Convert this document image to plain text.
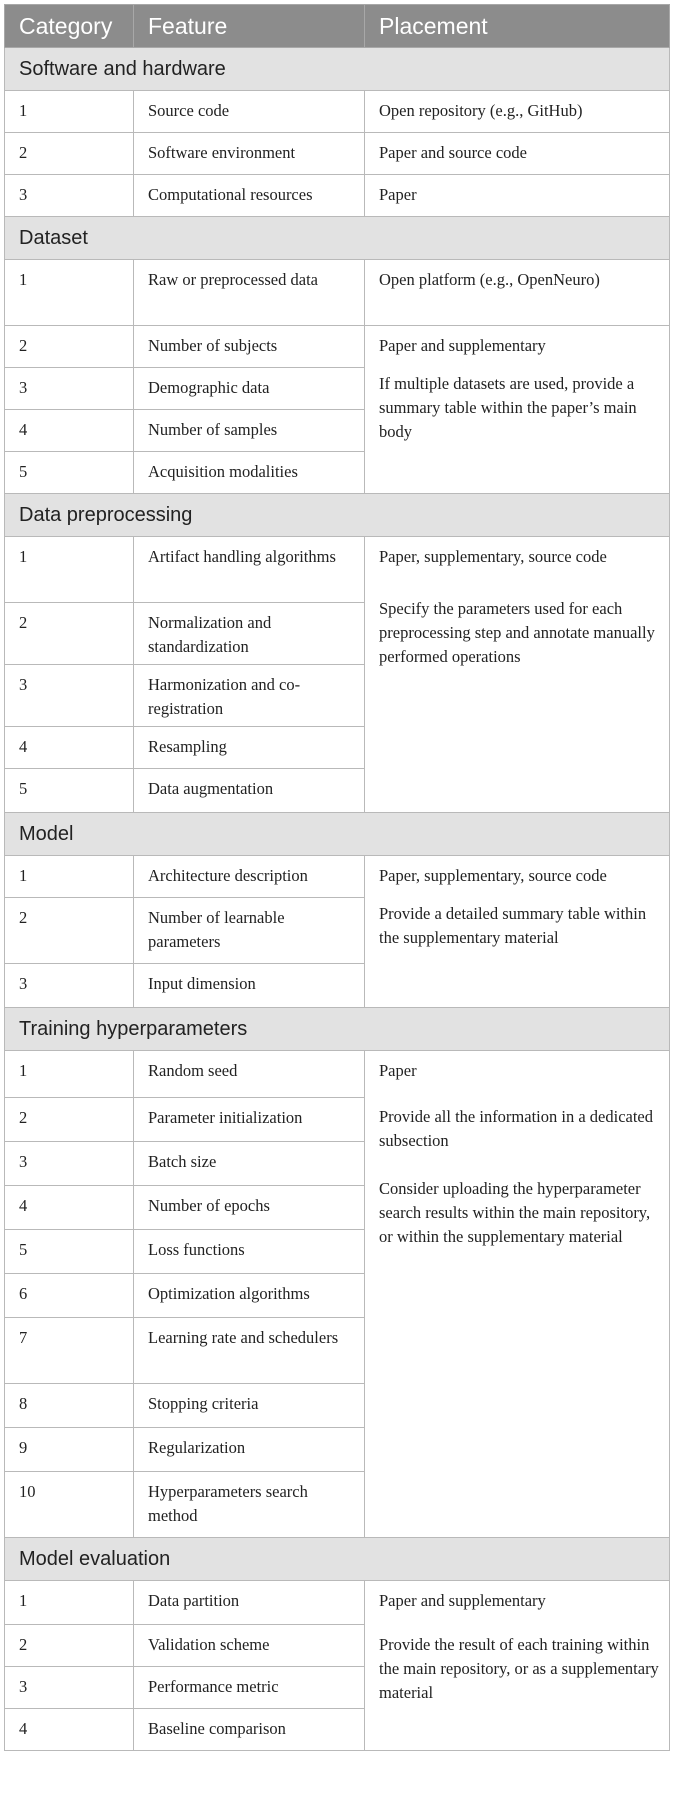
Category	Feature	Placement
Software and hardware		
1	Source code	Open repository (e.g., GitHub)
2	Software environment	Paper and source code
3	Computational resources	Paper
Dataset		
1	Raw or preprocessed data	Open platform (e.g., OpenNeuro)
2	Number of subjects	Paper and supplementary
If multiple datasets are used, provide a summary table within the paper’s main body

3	Demographic data	
4	Number of samples	
5	Acquisition modalities	
Data preprocessing		
1	Artifact handling algorithms	Paper, supplementary, source code
Specify the parameters used for each preprocessing step and annotate manually performed operations

2	Normalization and standardization	
3	Harmonization and co-registration	
4	Resampling	
5	Data augmentation	
Model		
1	Architecture description	Paper, supplementary, source code
Provide a detailed summary table within the supplementary material

2	Number of learnable parameters	
3	Input dimension	
Training hyperparameters		
1	Random seed	Paper
Provide all the information in a dedicated subsection
Consider uploading the hyperparameter search results within the main repository, or within the supplementary material

2	Parameter initialization	
3	Batch size	
4	Number of epochs	
5	Loss functions	
6	Optimization algorithms	
7	Learning rate and schedulers	
8	Stopping criteria	
9	Regularization	
10	Hyperparameters search method	
Model evaluation		
1	Data partition	Paper and supplementary
Provide the result of each training within the main repository, or as a supplementary material

2	Validation scheme	
3	Performance metric	
4	Baseline comparison	
